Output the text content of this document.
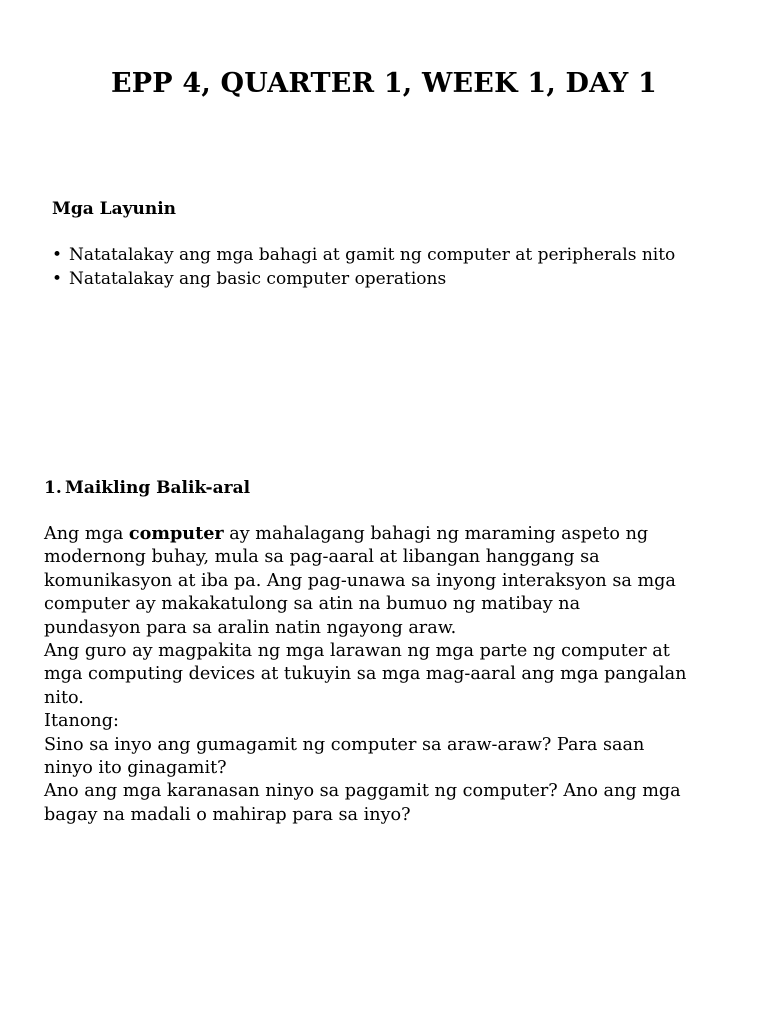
EPP 4, QUARTER 1, WEEK 1, DAY 1
Mga Layunin
• Natatalakay ang mga bahagi at gamit ng computer at peripherals nito
• Natatalakay ang basic computer operations
1. Maikling Balik-aral

Ang mga computer ay mahalagang bahagi ng maraming aspeto ng

modernong buhay, mula sa pag-aaral at libangan hanggang sa

komunikasyon at iba pa. Ang pag-unawa sa inyong interaksyon sa mga

computer ay makakatulong sa atin na bumuo ng matibay na

pundasyon para sa aralin natin ngayong araw.

Ang guro ay magpakita ng mga larawan ng mga parte ng computer at

mga computing devices at tukuyin sa mga mag-aaral ang mga pangalan

nito.

Itanong:

Sino sa inyo ang gumagamit ng computer sa araw-araw? Para saan

ninyo ito ginagamit?

Ano ang mga karanasan ninyo sa paggamit ng computer? Ano ang mga

bagay na madali o mahirap para sa inyo?
